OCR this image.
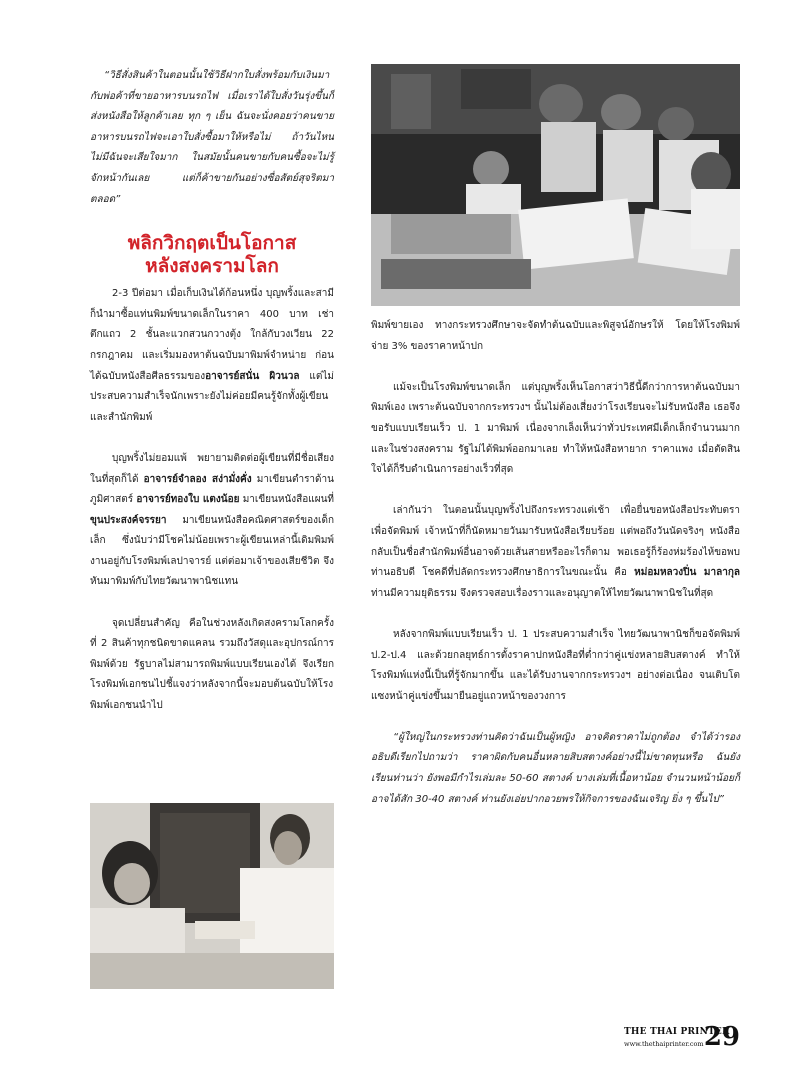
“วิธีสั่งสินค้าในตอนนั้นใช้วิธีฝากใบสั่งพร้อมกับเงินมากับพ่อค้าที่ขายอาหารบนรถไฟ เมื่อเราได้ใบสั่งวันรุ่งขึ้นก็ส่งหนังสือให้ลูกค้าเลย ทุก ๆ เย็น ฉันจะนั่งคอยว่าคนขายอาหารบนรถไฟจะเอาใบสั่งซื้อมาให้หรือไม่ ถ้าวันไหนไม่มีฉันจะเสียใจมาก ในสมัยนั้นคนขายกับคนซื้อจะไม่รู้จักหน้ากันเลย แต่ก็ค้าขายกันอย่างซื่อสัตย์สุจริตมาตลอด”

พลิกวิกฤตเป็นโอกาส
หลังสงครามโลก

2-3 ปีต่อมา เมื่อเก็บเงินได้ก้อนหนึ่ง บุญพริ้งและสามีก็นำมาซื้อแท่นพิมพ์ขนาดเล็กในราคา 400 บาท เช่าตึกแถว 2 ชั้นละแวกสวนกวางตุ้ง ใกล้กับวงเวียน 22 กรกฎาคม และเริ่มมองหาต้นฉบับมาพิมพ์จำหน่าย ก่อนได้ฉบับหนังสือศีลธรรมของอาจารย์สนั่น ผิวนวล แต่ไม่ประสบความสำเร็จนักเพราะยังไม่ค่อยมีคนรู้จักทั้งผู้เขียนและสำนักพิมพ์

บุญพริ้งไม่ยอมแพ้ พยายามติดต่อผู้เขียนที่มีชื่อเสียง ในที่สุดก็ได้ อาจารย์จำลอง สง่ามั่งคั่ง มาเขียนตำราด้านภูมิศาสตร์ อาจารย์ทองใบ แตงน้อย มาเขียนหนังสือแผนที่ ขุนประสงค์จรรยา มาเขียนหนังสือคณิตศาสตร์ของเด็กเล็ก ซึ่งนับว่ามีโชคไม่น้อยเพราะผู้เขียนเหล่านี้เดิมพิมพ์งานอยู่กับโรงพิมพ์เลปาจารย์ แต่ต่อมาเจ้าของเสียชีวิต จึงหันมาพิมพ์กับไทยวัฒนาพานิชแทน

จุดเปลี่ยนสำคัญ คือในช่วงหลังเกิดสงครามโลกครั้งที่ 2 สินค้าทุกชนิดขาดแคลน รวมถึงวัสดุและอุปกรณ์การพิมพ์ด้วย รัฐบาลไม่สามารถพิมพ์แบบเรียนเองได้ จึงเรียกโรงพิมพ์เอกชนไปชี้แจงว่าหลังจากนี้จะมอบต้นฉบับให้โรงพิมพ์เอกชนนำไป

พิมพ์ขายเอง ทางกระทรวงศึกษาจะจัดทำต้นฉบับและพิสูจน์อักษรให้ โดยให้โรงพิมพ์จ่าย 3% ของราคาหน้าปก

แม้จะเป็นโรงพิมพ์ขนาดเล็ก แต่บุญพริ้งเห็นโอกาสว่าวิธีนี้ดีกว่าการหาต้นฉบับมาพิมพ์เอง เพราะต้นฉบับจากกระทรวงฯ นั้นไม่ต้องเสี่ยงว่าโรงเรียนจะไม่รับหนังสือ เธอจึงขอรับแบบเรียนเร็ว ป. 1 มาพิมพ์ เนื่องจากเล็งเห็นว่าทั่วประเทศมีเด็กเล็กจำนวนมาก และในช่วงสงคราม รัฐไม่ได้พิมพ์ออกมาเลย ทำให้หนังสือหายาก ราคาแพง เมื่อตัดสินใจได้ก็รีบดำเนินการอย่างเร็วที่สุด

เล่ากันว่า ในตอนนั้นบุญพริ้งไปถึงกระทรวงแต่เช้า เพื่อยื่นขอหนังสือประทับตราเพื่อจัดพิมพ์ เจ้าหน้าที่ก็นัดหมายวันมารับหนังสือเรียบร้อย แต่พอถึงวันนัดจริงๆ หนังสือกลับเป็นชื่อสำนักพิมพ์อื่นอาจด้วยเส้นสายหรืออะไรก็ตาม พอเธอรู้ก็ร้องห่มร้องไห้ขอพบท่านอธิบดี โชคดีที่ปลัดกระทรวงศึกษาธิการในขณะนั้น คือ หม่อมหลวงปิ่น มาลากุล ท่านมีความยุติธรรม จึงตรวจสอบเรื่องราวและอนุญาตให้ไทยวัฒนาพานิชในที่สุด

หลังจากพิมพ์แบบเรียนเร็ว ป. 1 ประสบความสำเร็จ ไทยวัฒนาพานิชก็ขอจัดพิมพ์ ป.2-ป.4 และด้วยกลยุทธ์การตั้งราคาปกหนังสือที่ต่ำกว่าคู่แข่งหลายสิบสตางค์ ทำให้โรงพิมพ์แห่งนี้เป็นที่รู้จักมากขึ้น และได้รับงานจากกระทรวงฯ อย่างต่อเนื่อง จนเติบโตแซงหน้าคู่แข่งขึ้นมายืนอยู่แถวหน้าของวงการ

“ผู้ใหญ่ในกระทรวงท่านคิดว่าฉันเป็นผู้หญิง อาจคิดราคาไม่ถูกต้อง จำได้ว่ารองอธิบดีเรียกไปถามว่า ราคาผิดกับคนอื่นหลายสิบสตางค์อย่างนี้ไม่ขาดทุนหรือ ฉันยังเรียนท่านว่า ยังพอมีกำไรเล่มละ 50-60 สตางค์ บางเล่มที่เนื้อหาน้อย จำนวนหน้าน้อยก็อาจได้สัก 30-40 สตางค์ ท่านยังเอ่ยปากอวยพรให้กิจการของฉันเจริญ ยิ่ง ๆ ขึ้นไป”

THE THAI PRINTER
www.thethaiprinter.com 29
